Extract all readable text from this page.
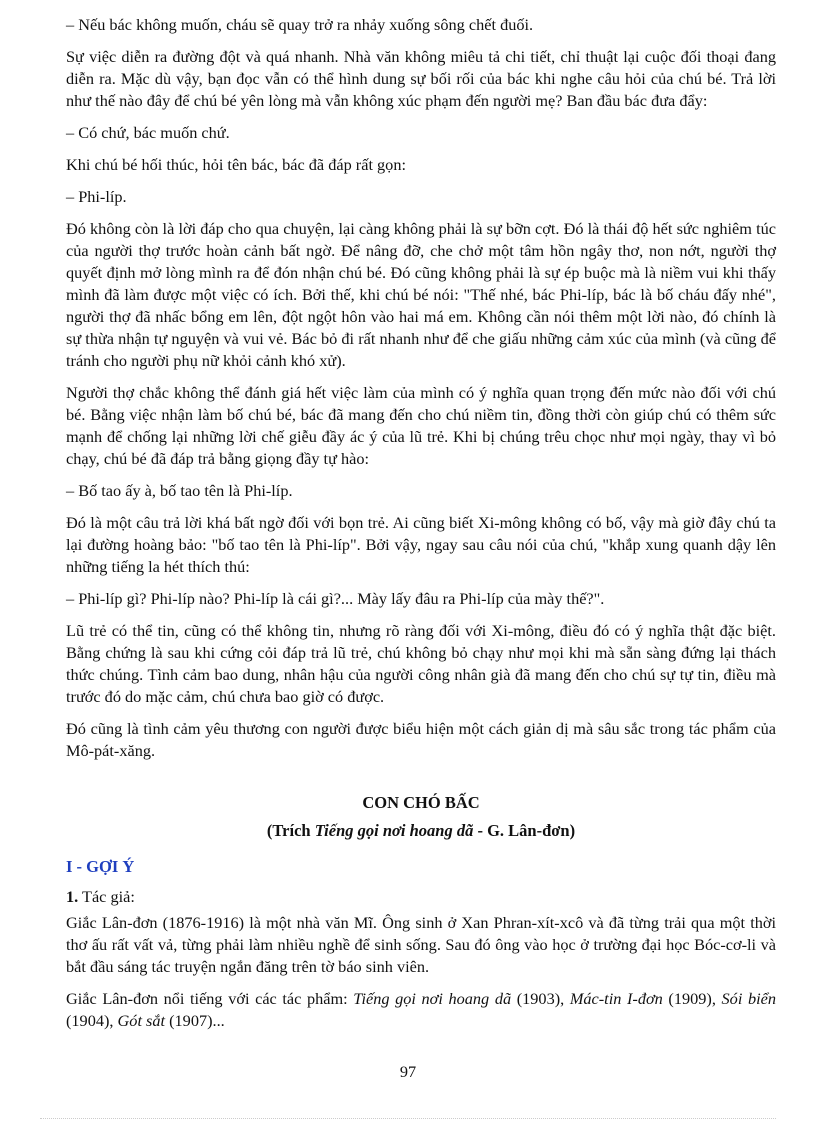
– Nếu bác không muốn, cháu sẽ quay trở ra nhảy xuống sông chết đuối.

Sự việc diễn ra đường đột và quá nhanh. Nhà văn không miêu tả chi tiết, chỉ thuật lại cuộc đối thoại đang diễn ra. Mặc dù vậy, bạn đọc vẫn có thể hình dung sự bối rối của bác khi nghe câu hỏi của chú bé. Trả lời như thế nào đây để chú bé yên lòng mà vẫn không xúc phạm đến người mẹ? Ban đầu bác đưa đẩy:

– Có chứ, bác muốn chứ.

Khi chú bé hối thúc, hỏi tên bác, bác đã đáp rất gọn:

– Phi-líp.

Đó không còn là lời đáp cho qua chuyện, lại càng không phải là sự bỡn cợt. Đó là thái độ hết sức nghiêm túc của người thợ trước hoàn cảnh bất ngờ. Để nâng đỡ, che chở một tâm hồn ngây thơ, non nớt, người thợ quyết định mở lòng mình ra để đón nhận chú bé. Đó cũng không phải là sự ép buộc mà là niềm vui khi thấy mình đã làm được một việc có ích. Bởi thế, khi chú bé nói: "Thế nhé, bác Phi-líp, bác là bố cháu đấy nhé", người thợ đã nhấc bổng em lên, đột ngột hôn vào hai má em. Không cần nói thêm một lời nào, đó chính là sự thừa nhận tự nguyện và vui vẻ. Bác bỏ đi rất nhanh như để che giấu những cảm xúc của mình (và cũng để tránh cho người phụ nữ khỏi cảnh khó xử).

Người thợ chắc không thể đánh giá hết việc làm của mình có ý nghĩa quan trọng đến mức nào đối với chú bé. Bằng việc nhận làm bố chú bé, bác đã mang đến cho chú niềm tin, đồng thời còn giúp chú có thêm sức mạnh để chống lại những lời chế giễu đầy ác ý của lũ trẻ. Khi bị chúng trêu chọc như mọi ngày, thay vì bỏ chạy, chú bé đã đáp trả bằng giọng đầy tự hào:

– Bố tao ấy à, bố tao tên là Phi-líp.

Đó là một câu trả lời khá bất ngờ đối với bọn trẻ. Ai cũng biết Xi-mông không có bố, vậy mà giờ đây chú ta lại đường hoàng bảo: "bố tao tên là Phi-líp". Bởi vậy, ngay sau câu nói của chú, "khắp xung quanh dậy lên những tiếng la hét thích thú:

– Phi-líp gì? Phi-líp nào? Phi-líp là cái gì?... Mày lấy đâu ra Phi-líp của mày thế?".

Lũ trẻ có thể tin, cũng có thể không tin, nhưng rõ ràng đối với Xi-mông, điều đó có ý nghĩa thật đặc biệt. Bằng chứng là sau khi cứng cỏi đáp trả lũ trẻ, chú không bỏ chạy như mọi khi mà sẵn sàng đứng lại thách thức chúng. Tình cảm bao dung, nhân hậu của người công nhân già đã mang đến cho chú sự tự tin, điều mà trước đó do mặc cảm, chú chưa bao giờ có được.

Đó cũng là tình cảm yêu thương con người được biểu hiện một cách giản dị mà sâu sắc trong tác phẩm của Mô-pát-xăng.

CON CHÓ BẤC
(Trích Tiếng gọi nơi hoang dã - G. Lân-đơn)
I - GỢI Ý
1. Tác giả:

Giắc Lân-đơn (1876-1916) là một nhà văn Mĩ. Ông sinh ở Xan Phran-xít-xcô và đã từng trải qua một thời thơ ấu rất vất vả, từng phải làm nhiều nghề để sinh sống. Sau đó ông vào học ở trường đại học Bóc-cơ-li và bắt đầu sáng tác truyện ngắn đăng trên tờ báo sinh viên.

Giắc Lân-đơn nổi tiếng với các tác phẩm: Tiếng gọi nơi hoang dã (1903), Mác-tin I-đơn (1909), Sói biển (1904), Gót sắt (1907)...

97
